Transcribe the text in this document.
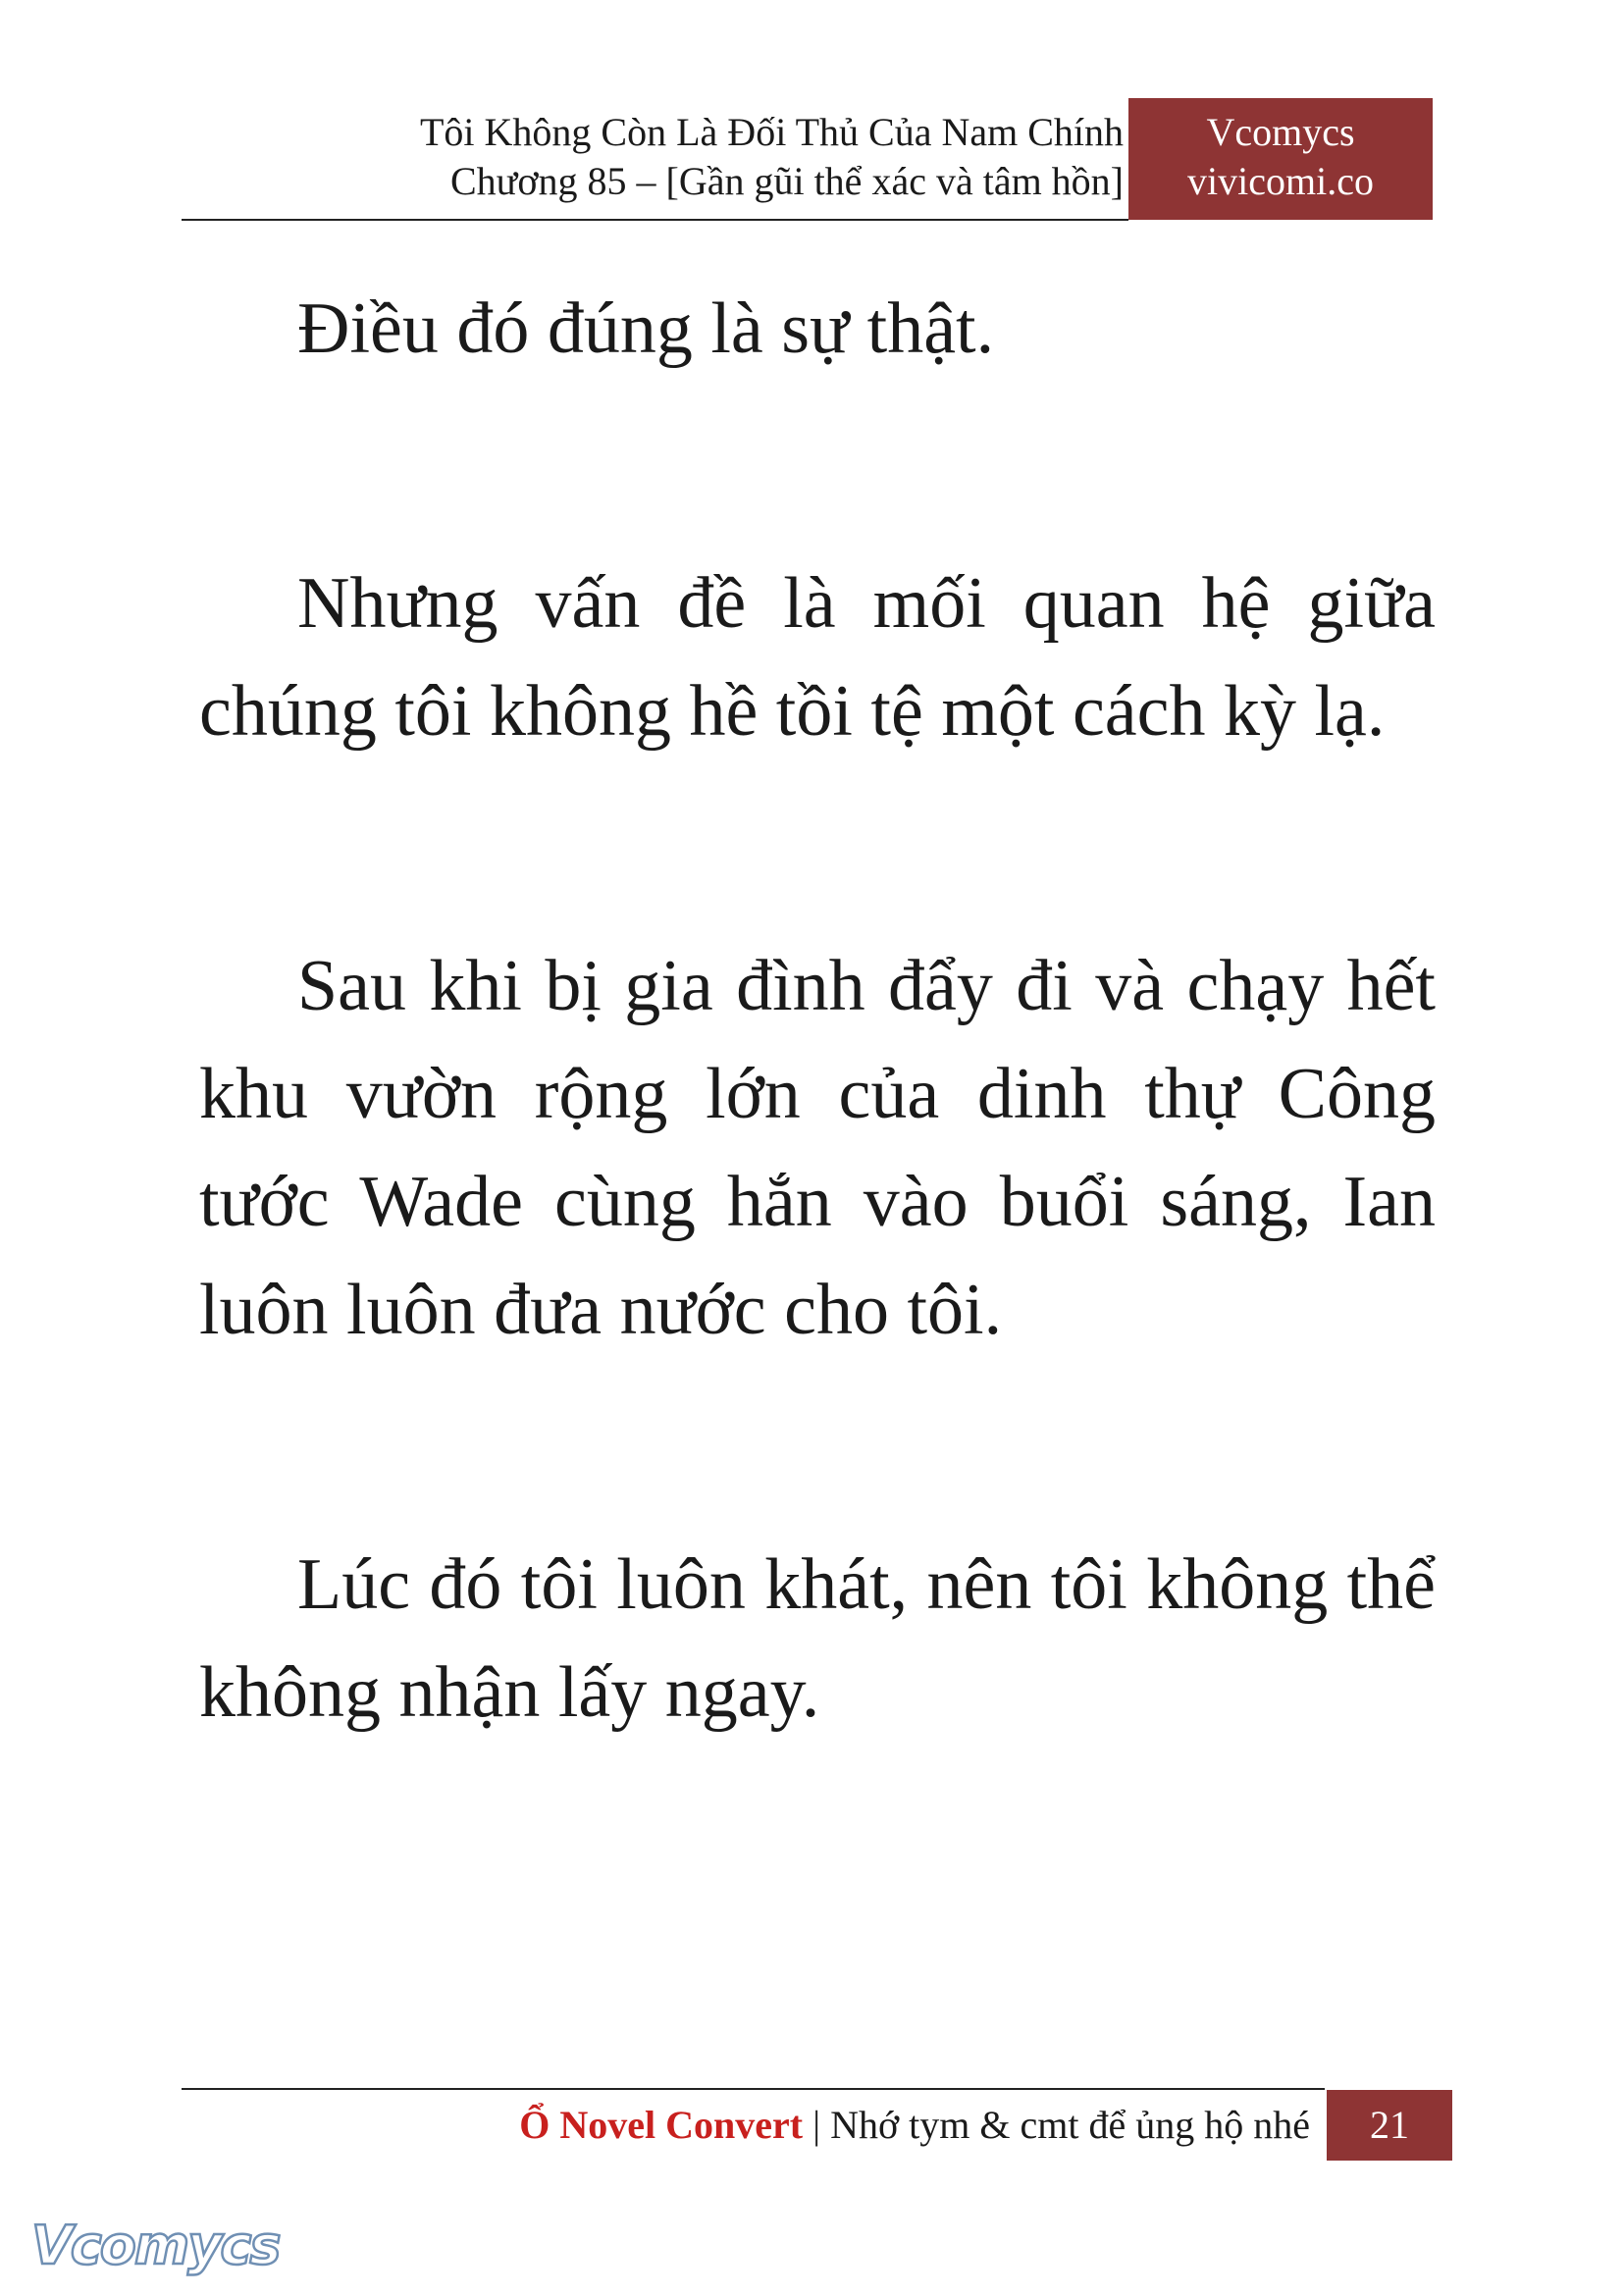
Tôi Không Còn Là Đối Thủ Của Nam Chính
Chương 85 – [Gần gũi thể xác và tâm hồn]
Vcomycs
vivicomi.co

Điều đó đúng là sự thật.

Nhưng vấn đề là mối quan hệ giữa chúng tôi không hề tồi tệ một cách kỳ lạ.

Sau khi bị gia đình đẩy đi và chạy hết khu vườn rộng lớn của dinh thự Công tước Wade cùng hắn vào buổi sáng, Ian luôn luôn đưa nước cho tôi.

Lúc đó tôi luôn khát, nên tôi không thể không nhận lấy ngay.

Ổ Novel Convert | Nhớ tym & cmt để ủng hộ nhé	21
Vcomycs
